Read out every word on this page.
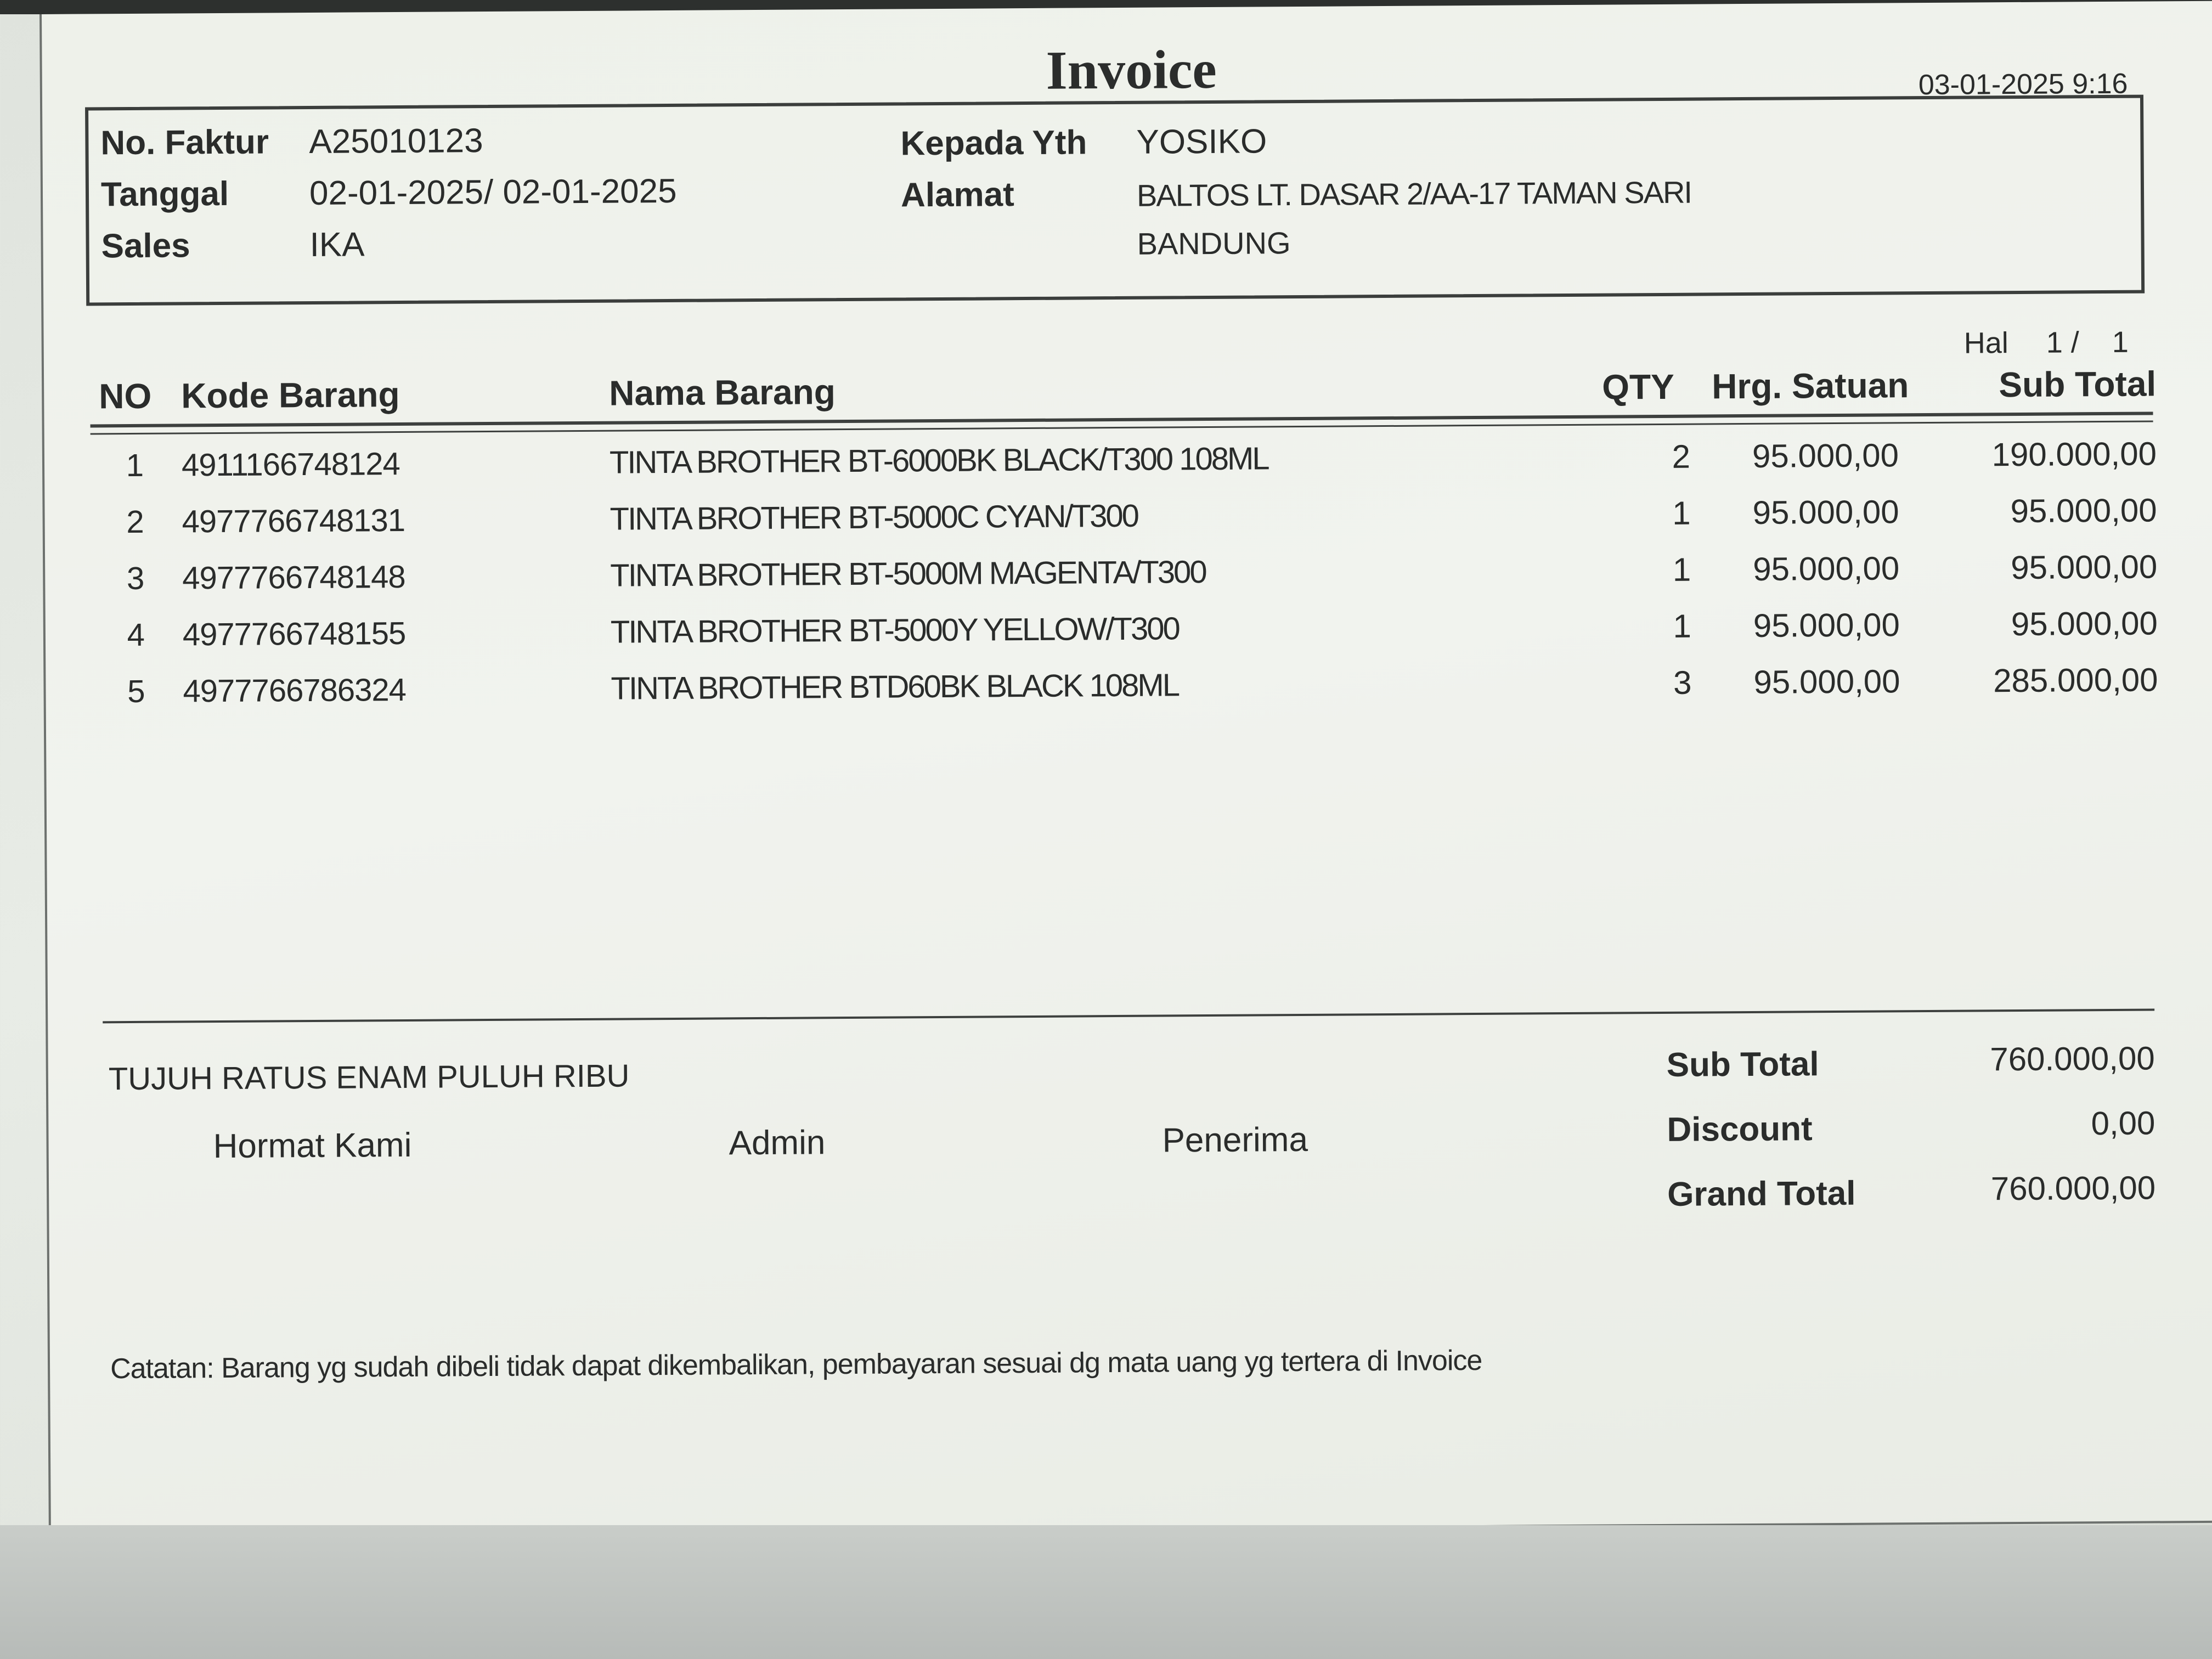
Invoice	03-01-2025 9:16
No. Faktur A25010123
Tanggal 02-01-2025 / 02-01-2025
Sales	IKA
Kepada Yth YOSIKO
Alamat	BALTOS LT. DASAR 2/AA-17 TAMAN SARI
BANDUNG
Hal 1 /    1
NO Kode Barang	Nama Barang	QTY Hrg. Satuan	Sub Total
1 4911166748124	TINTA BROTHER BT-6000BK BLACK/T300 108ML	2	95.000,00	190.000,00
2 4977766748131	TINTA BROTHER BT-5000C CYAN/T300	1	95.000,00	95.000,00
3 4977766748148	TINTA BROTHER BT-5000M MAGENTA/T300	1	95.000,00	95.000,00
4 4977766748155	TINTA BROTHER BT-5000Y YELLOW/T300	1	95.000,00	95.000,00
5 4977766786324	TINTA BROTHER BTD60BK BLACK 108ML	3	95.000,00	285.000,00
TUJUH RATUS ENAM PULUH RIBU
Hormat Kami	Admin	Penerima
Sub Total	760.000,00
Discount	0,00
Grand Total	760.000,00
Catatan: Barang yg sudah dibeli tidak dapat dikembalikan, pembayaran sesuai dg mata uang yg tertera di Invoice
